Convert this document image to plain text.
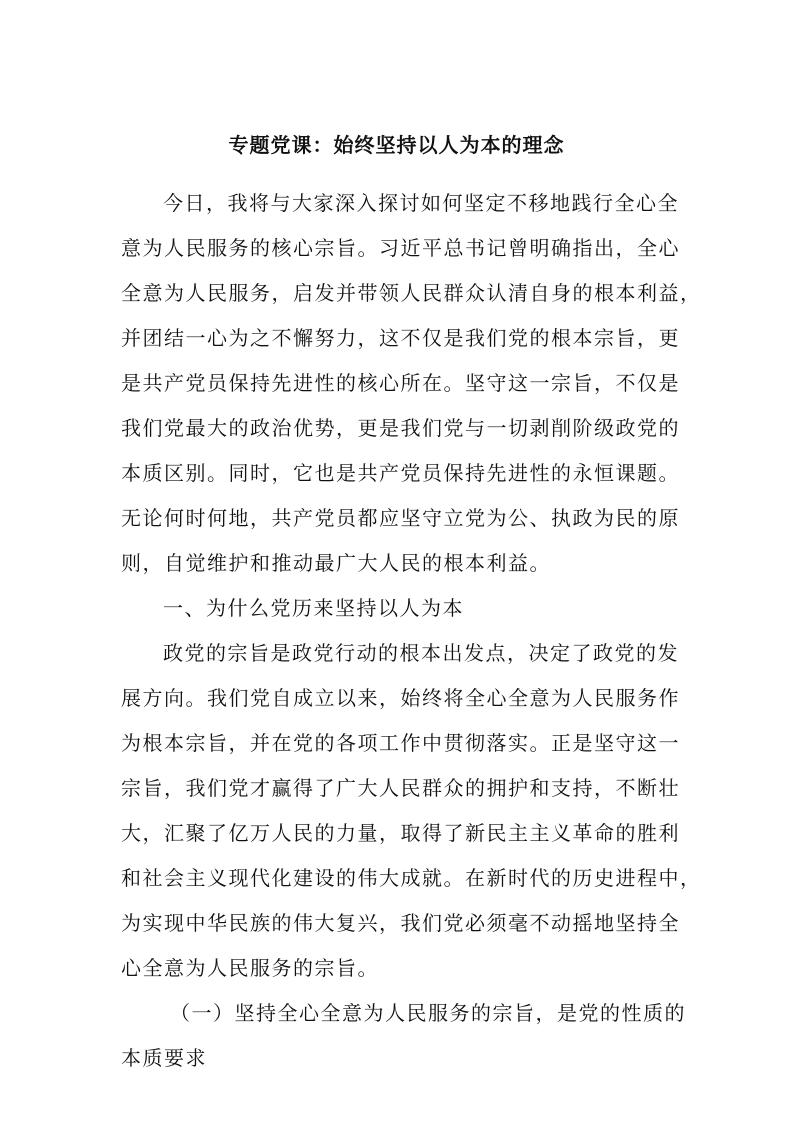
专题党课：始终坚持以人为本的理念
今日，我将与大家深入探讨如何坚定不移地践行全心全
意为人民服务的核心宗旨。习近平总书记曾明确指出，全心
全意为人民服务，启发并带领人民群众认清自身的根本利益，
并团结一心为之不懈努力，这不仅是我们党的根本宗旨，更
是共产党员保持先进性的核心所在。坚守这一宗旨，不仅是
我们党最大的政治优势，更是我们党与一切剥削阶级政党的
本质区别。同时，它也是共产党员保持先进性的永恒课题。
无论何时何地，共产党员都应坚守立党为公、执政为民的原
则，自觉维护和推动最广大人民的根本利益。
一、为什么党历来坚持以人为本
政党的宗旨是政党行动的根本出发点，决定了政党的发
展方向。我们党自成立以来，始终将全心全意为人民服务作
为根本宗旨，并在党的各项工作中贯彻落实。正是坚守这一
宗旨，我们党才赢得了广大人民群众的拥护和支持，不断壮
大，汇聚了亿万人民的力量，取得了新民主主义革命的胜利
和社会主义现代化建设的伟大成就。在新时代的历史进程中，
为实现中华民族的伟大复兴，我们党必须毫不动摇地坚持全
心全意为人民服务的宗旨。
（一）坚持全心全意为人民服务的宗旨，是党的性质的
本质要求
